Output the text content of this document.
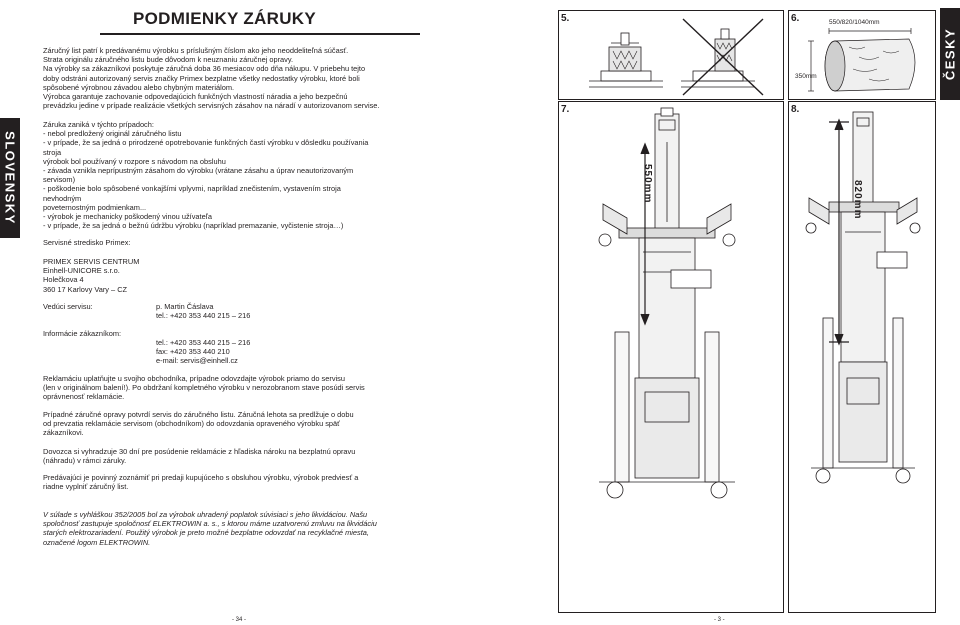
SLOVENSKY
PODMIENKY ZÁRUKY

Záručný list patrí k predávanému výrobku s príslušným číslom ako jeho neoddeliteľná súčasť.

Strata originálu záručného listu bude dôvodom k neuznaniu záručnej opravy.

Na výrobky sa zákazníkovi poskytuje záručná doba 36 mesiacov odo dňa nákupu. V priebehu tejto

doby odstráni autorizovaný servis značky Primex bezplatne všetky nedostatky výrobku, ktoré boli

spôsobené výrobnou závadou alebo chybným materiálom.

Výrobca garantuje zachovanie odpovedajúcich funkčných vlastností náradia a jeho bezpečnú

prevádzku jedine v prípade realizácie všetkých servisných zásahov na náradí v autorizovanom servise.

Záruka zaniká v týchto prípadoch:

- nebol predložený originál záručného listu

- v prípade, že sa jedná o prirodzené opotrebovanie funkčných častí výrobku v dôsledku používania

stroja

výrobok bol používaný v rozpore s návodom na obsluhu

- závada vznikla neprípustným zásahom do výrobku (vrátane zásahu a úprav neautorizovaným

servisom)

- poškodenie bolo spôsobené vonkajšími vplyvmi, napríklad znečistením, vystavením stroja

nevhodným

poveternostným podmienkam...

- výrobok je mechanicky poškodený vinou užívateľa

- v prípade, že sa jedná o bežnú údržbu výrobku (napríklad premazanie, vyčistenie stroja…)

Servisné stredisko Primex:

PRIMEX SERVIS CENTRUM

Einhell-UNICORE s.r.o.

Holečkova 4

360 17 Karlovy Vary – CZ

Vedúci servisu:	p. Martin Čáslava

tel.: +420 353 440 215 – 216

Informácie zákazníkom:

tel.: +420 353 440 215 – 216

fax: +420 353 440 210

e-mail: servis@einhell.cz

Reklamáciu uplatňujte u svojho obchodníka, prípadne odovzdajte výrobok priamo do servisu

(len v originálnom balení!). Po obdržaní kompletného výrobku v nerozobranom stave posúdi servis

oprávnenosť reklamácie.

Prípadné záručné opravy potvrdí servis do záručného listu. Záručná lehota sa predlžuje o dobu

od prevzatia reklamácie servisom (obchodníkom) do odovzdania opraveného výrobku späť

zákazníkovi.

Dovozca si vyhradzuje 30 dní pre posúdenie reklamácie z hľadiska nároku na bezplatnú opravu

(náhradu) v rámci záruky.

Predávajúci je povinný zoznámiť pri predaji kupujúceho s obsluhou výrobku, výrobok predviesť a

riadne vyplniť záručný list.

V súlade s vyhláškou 352/2005 bol za výrobok uhradený poplatok súvisiaci s jeho likvidáciou. Našu

spoločnosť zastupuje spoločnosť ELEKTROWIN a. s., s ktorou máme uzatvorenú zmluvu na likvidáciu

starých elektrozariadení. Použitý výrobok je preto možné bezplatne odovzdať na recyklačné miesta,

označené logom ELEKTROWIN.

- 34 -
5.	6.	550/820/1040mm
350mm
7.
550mm
8.
820mm
ČESKY
- 3 -
